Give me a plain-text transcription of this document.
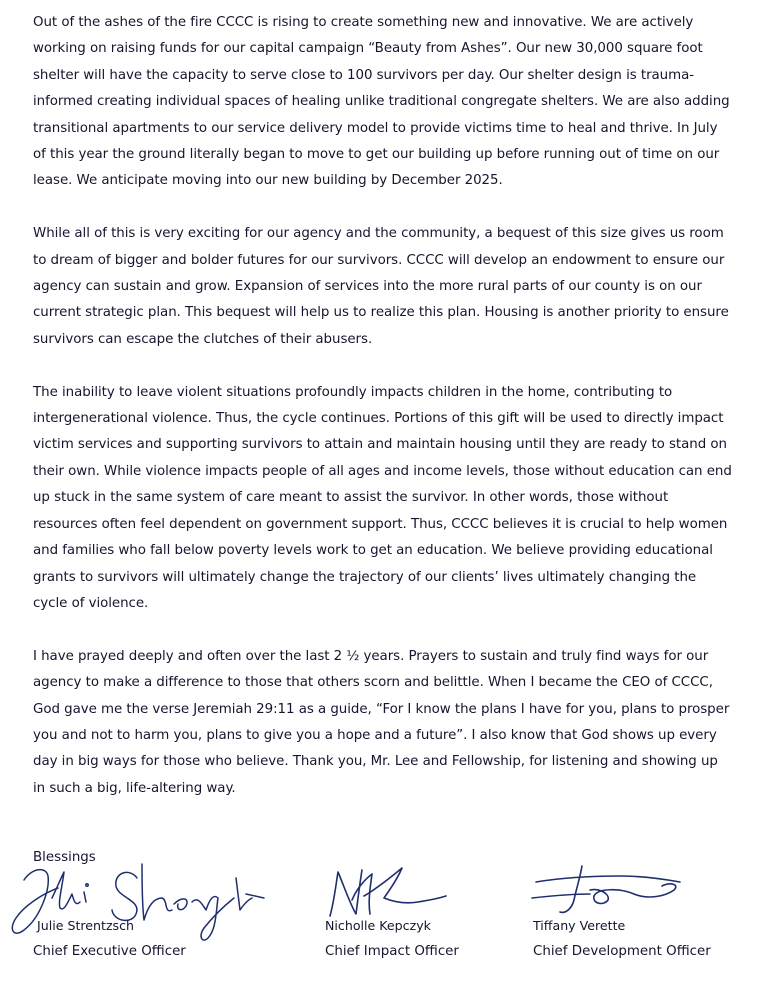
Out of the ashes of the fire CCCC is rising to create something new and innovative. We are actively working on raising funds for our capital campaign “Beauty from Ashes”. Our new 30,000 square foot shelter will have the capacity to serve close to 100 survivors per day. Our shelter design is trauma-informed creating individual spaces of healing unlike traditional congregate shelters. We are also adding transitional apartments to our service delivery model to provide victims time to heal and thrive. In July of this year the ground literally began to move to get our building up before running out of time on our lease. We anticipate moving into our new building by December 2025.

While all of this is very exciting for our agency and the community, a bequest of this size gives us room to dream of bigger and bolder futures for our survivors. CCCC will develop an endowment to ensure our agency can sustain and grow. Expansion of services into the more rural parts of our county is on our current strategic plan. This bequest will help us to realize this plan. Housing is another priority to ensure survivors can escape the clutches of their abusers.

The inability to leave violent situations profoundly impacts children in the home, contributing to intergenerational violence. Thus, the cycle continues. Portions of this gift will be used to directly impact victim services and supporting survivors to attain and maintain housing until they are ready to stand on their own. While violence impacts people of all ages and income levels, those without education can end up stuck in the same system of care meant to assist the survivor. In other words, those without resources often feel dependent on government support. Thus, CCCC believes it is crucial to help women and families who fall below poverty levels work to get an education. We believe providing educational grants to survivors will ultimately change the trajectory of our clients’ lives ultimately changing the cycle of violence.

I have prayed deeply and often over the last 2 ½ years. Prayers to sustain and truly find ways for our agency to make a difference to those that others scorn and belittle. When I became the CEO of CCCC, God gave me the verse Jeremiah 29:11 as a guide, “For I know the plans I have for you, plans to prosper you and not to harm you, plans to give you a hope and a future”. I also know that God shows up every day in big ways for those who believe. Thank you, Mr. Lee and Fellowship, for listening and showing up in such a big, life-altering way.

Blessings
Julie Strentzsch
Chief Executive Officer
Nicholle Kepczyk
Chief Impact Officer
Tiffany Verette
Chief Development Officer
